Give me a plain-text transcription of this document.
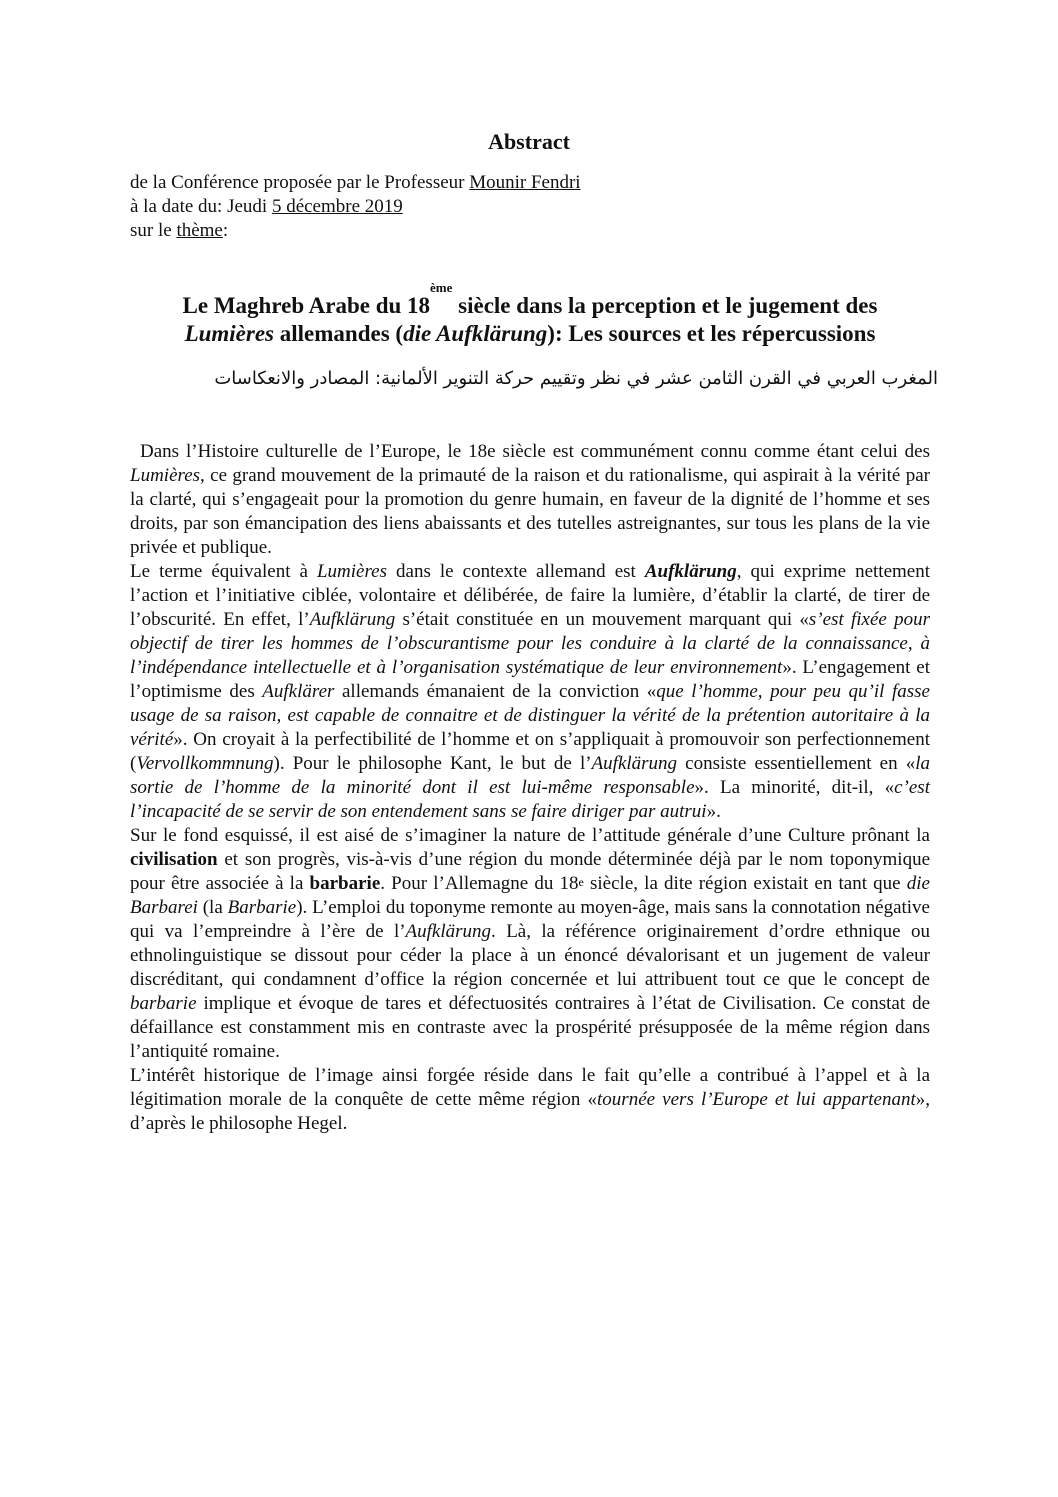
Abstract
de la Conférence proposée par le Professeur Mounir Fendri
à la date du: Jeudi 5 décembre 2019
sur le thème:
Le Maghreb Arabe du 18ème siècle dans la perception et le jugement des
Lumières allemandes (die Aufklärung): Les sources et les répercussions
المغرب العربي في القرن الثامن عشر في نظر وتقييم حركة التنوير الألمانية: المصادر والانعكاسات

Dans l’Histoire culturelle de l’Europe, le 18e siècle est communément connu comme étant celui des Lumières, ce grand mouvement de la primauté de la raison et du rationalisme, qui aspirait à la vérité par la clarté, qui s’engageait pour la promotion du genre humain, en faveur de la dignité de l’homme et ses droits, par son émancipation des liens abaissants et des tutelles astreignantes, sur tous les plans de la vie privée et publique.

Le terme équivalent à Lumières dans le contexte allemand est Aufklärung, qui exprime nettement l’action et l’initiative ciblée, volontaire et délibérée, de faire la lumière, d’établir la clarté, de tirer de l’obscurité. En effet, l’Aufklärung s’était constituée en un mouvement marquant qui «s’est fixée pour objectif de tirer les hommes de l’obscurantisme pour les conduire à la clarté de la connaissance, à l’indépendance intellectuelle et à l’organisation systématique de leur environnement». L’engagement et l’optimisme des Aufklärer allemands émanaient de la conviction «que l’homme, pour peu qu’il fasse usage de sa raison, est capable de connaitre et de distinguer la vérité de la prétention autoritaire à la vérité». On croyait à la perfectibilité de l’homme et on s’appliquait à promouvoir son perfectionnement (Vervollkommnung). Pour le philosophe Kant, le but de l’Aufklärung consiste essentiellement en «la sortie de l’homme de la minorité dont il est lui-même responsable». La minorité, dit-il, «c’est l’incapacité de se servir de son entendement sans se faire diriger par autrui».

Sur le fond esquissé, il est aisé de s’imaginer la nature de l’attitude générale d’une Culture prônant la civilisation et son progrès, vis-à-vis d’une région du monde déterminée déjà par le nom toponymique pour être associée à la barbarie. Pour l’Allemagne du 18e siècle, la dite région existait en tant que die Barbarei (la Barbarie). L’emploi du toponyme remonte au moyen-âge, mais sans la connotation négative qui va l’empreindre à l’ère de l’Aufklärung. Là, la référence originairement d’ordre ethnique ou ethnolinguistique se dissout pour céder la place à un énoncé dévalorisant et un jugement de valeur discréditant, qui condamnent d’office la région concernée et lui attribuent tout ce que le concept de barbarie implique et évoque de tares et défectuosités contraires à l’état de Civilisation. Ce constat de défaillance est constamment mis en contraste avec la prospérité présupposée de la même région dans l’antiquité romaine.

L’intérêt historique de l’image ainsi forgée réside dans le fait qu’elle a contribué à l’appel et à la légitimation morale de la conquête de cette même région «tournée vers l’Europe et lui appartenant», d’après le philosophe Hegel.
